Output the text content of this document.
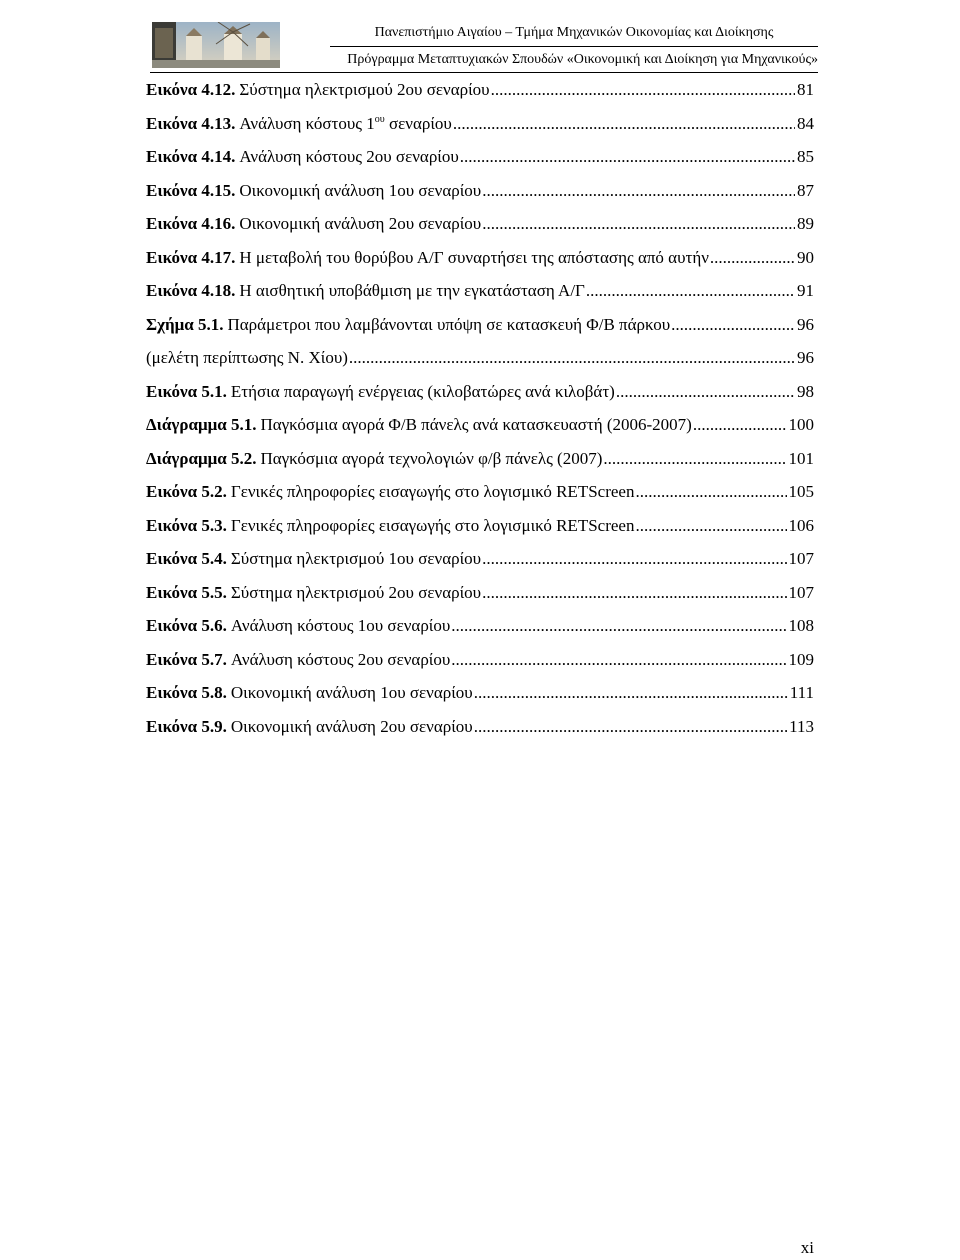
Πανεπιστήμιο Αιγαίου – Τμήμα Μηχανικών Οικονομίας και Διοίκησης
Πρόγραμμα Μεταπτυχιακών Σπουδών «Οικονομική και Διοίκηση για Μηχανικούς»
Εικόνα 4.12. Σύστημα ηλεκτρισμού 2ου σεναρίου .....	81
Εικόνα 4.13. Ανάλυση κόστους $1^{o\upsilon}$ σεναρίου .....	84
Εικόνα 4.14. Ανάλυση κόστους 2ου σεναρίου .....	85
Εικόνα 4.15. Οικονομική ανάλυση 1ου σεναρίου .....	87
Εικόνα 4.16. Οικονομική ανάλυση 2ου σεναρίου .....	89
Εικόνα 4.17. Η μεταβολή του θορύβου Α/Γ συναρτήσει της απόστασης από αυτήν .....	90
Εικόνα 4.18. Η αισθητική υποβάθμιση με την εγκατάσταση Α/Γ .....	91
Σχήμα 5.1. Παράμετροι που λαμβάνονται υπόψη σε κατασκευή Φ/Β πάρκου .....	96
(μελέτη περίπτωσης Ν. Χίου) .....	96
Εικόνα 5.1. Ετήσια παραγωγή ενέργειας (κιλοβατώρες ανά κιλοβάτ) .....	98
Διάγραμμα 5.1. Παγκόσμια αγορά Φ/Β πάνελς ανά κατασκευαστή (2006-2007) .....	100
Διάγραμμα 5.2. Παγκόσμια αγορά τεχνολογιών φ/β πάνελς (2007) .....	101
Εικόνα 5.2. Γενικές πληροφορίες εισαγωγής στο λογισμικό RETScreen .....	105
Εικόνα 5.3. Γενικές πληροφορίες εισαγωγής στο λογισμικό RETScreen .....	106
Εικόνα 5.4. Σύστημα ηλεκτρισμού 1ου σεναρίου .....	107
Εικόνα 5.5. Σύστημα ηλεκτρισμού 2ου σεναρίου .....	107
Εικόνα 5.6. Ανάλυση κόστους 1ου σεναρίου .....	108
Εικόνα 5.7. Ανάλυση κόστους 2ου σεναρίου .....	109
Εικόνα 5.8. Οικονομική ανάλυση 1ου σεναρίου .....	111
Εικόνα 5.9. Οικονομική ανάλυση 2ου σεναρίου .....	113
xi
